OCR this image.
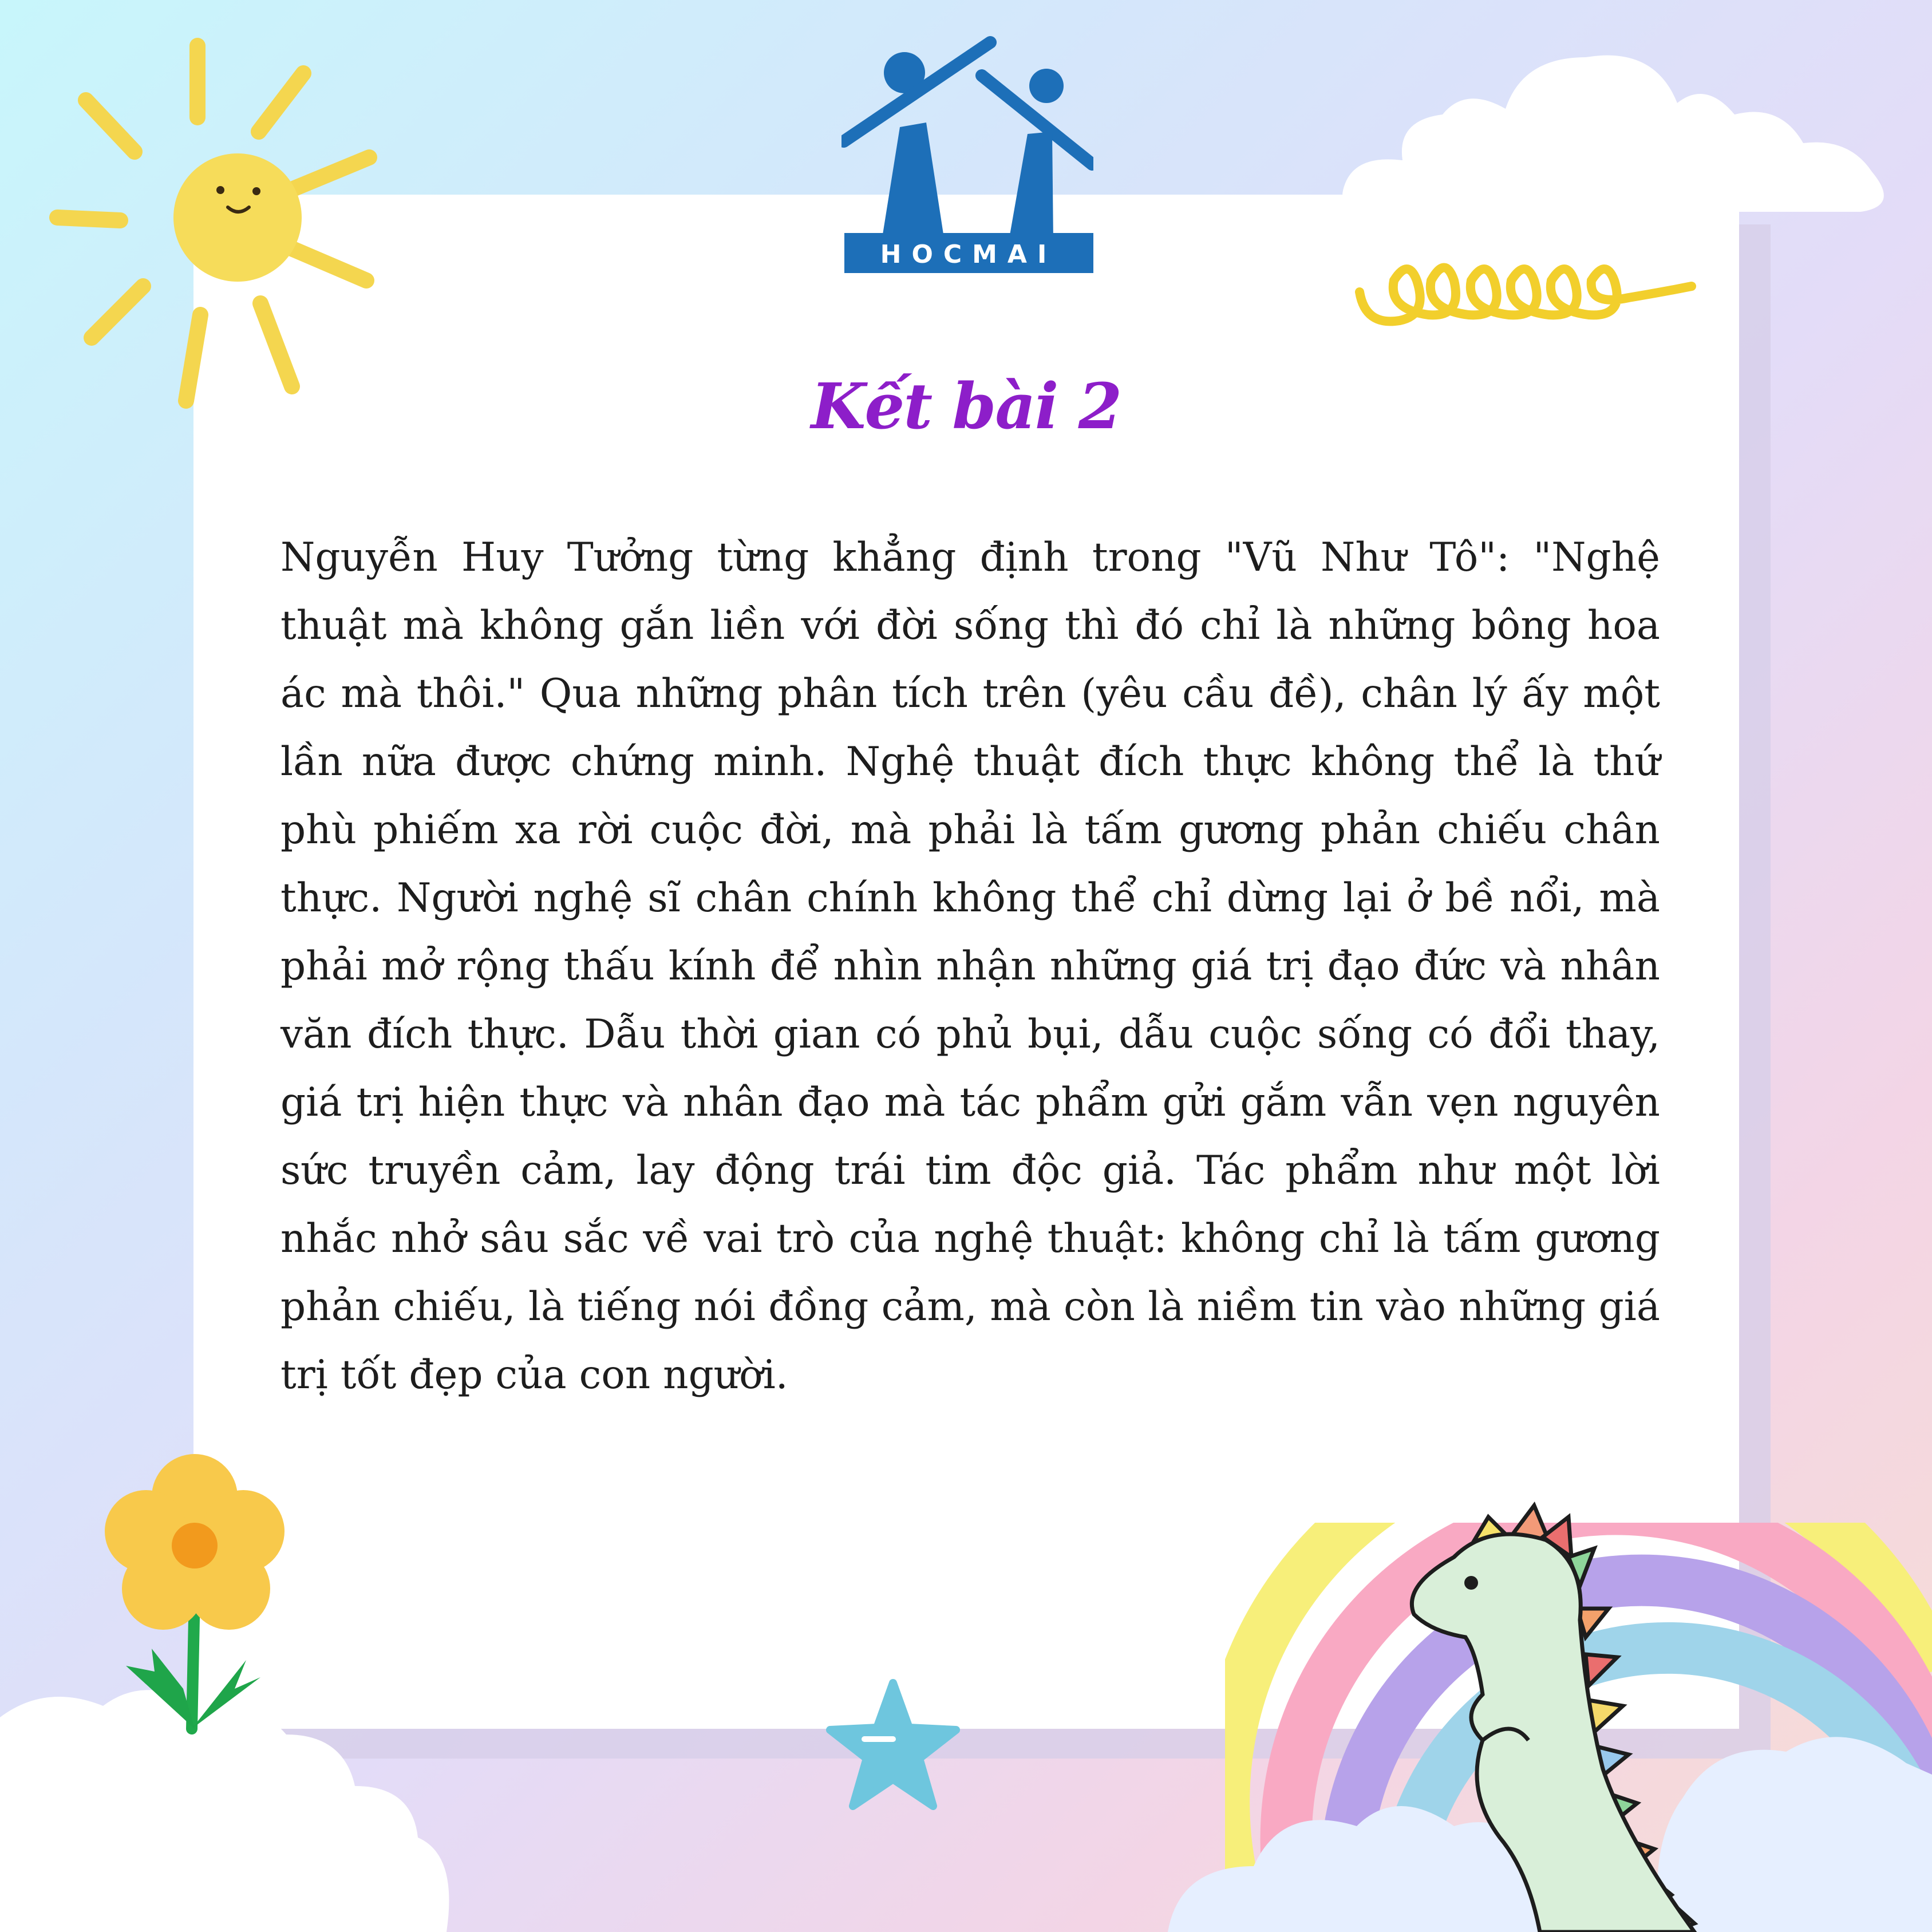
HOCMAI
Kết bài 2

Nguyễn Huy Tưởng từng khẳng định trong "Vũ Như Tô": "Nghệ thuật mà không gắn liền với đời sống thì đó chỉ là những bông hoa ác mà thôi." Qua những phân tích trên (yêu cầu đề), chân lý ấy một lần nữa được chứng minh. Nghệ thuật đích thực không thể là thứ phù phiếm xa rời cuộc đời, mà phải là tấm gương phản chiếu chân thực. Người nghệ sĩ chân chính không thể chỉ dừng lại ở bề nổi, mà phải mở rộng thấu kính để nhìn nhận những giá trị đạo đức và nhân văn đích thực. Dẫu thời gian có phủ bụi, dẫu cuộc sống có đổi thay, giá trị hiện thực và nhân đạo mà tác phẩm gửi gắm vẫn vẹn nguyên sức truyền cảm, lay động trái tim độc giả. Tác phẩm như một lời nhắc nhở sâu sắc về vai trò của nghệ thuật: không chỉ là tấm gương phản chiếu, là tiếng nói đồng cảm, mà còn là niềm tin vào những giá trị tốt đẹp của con người.
